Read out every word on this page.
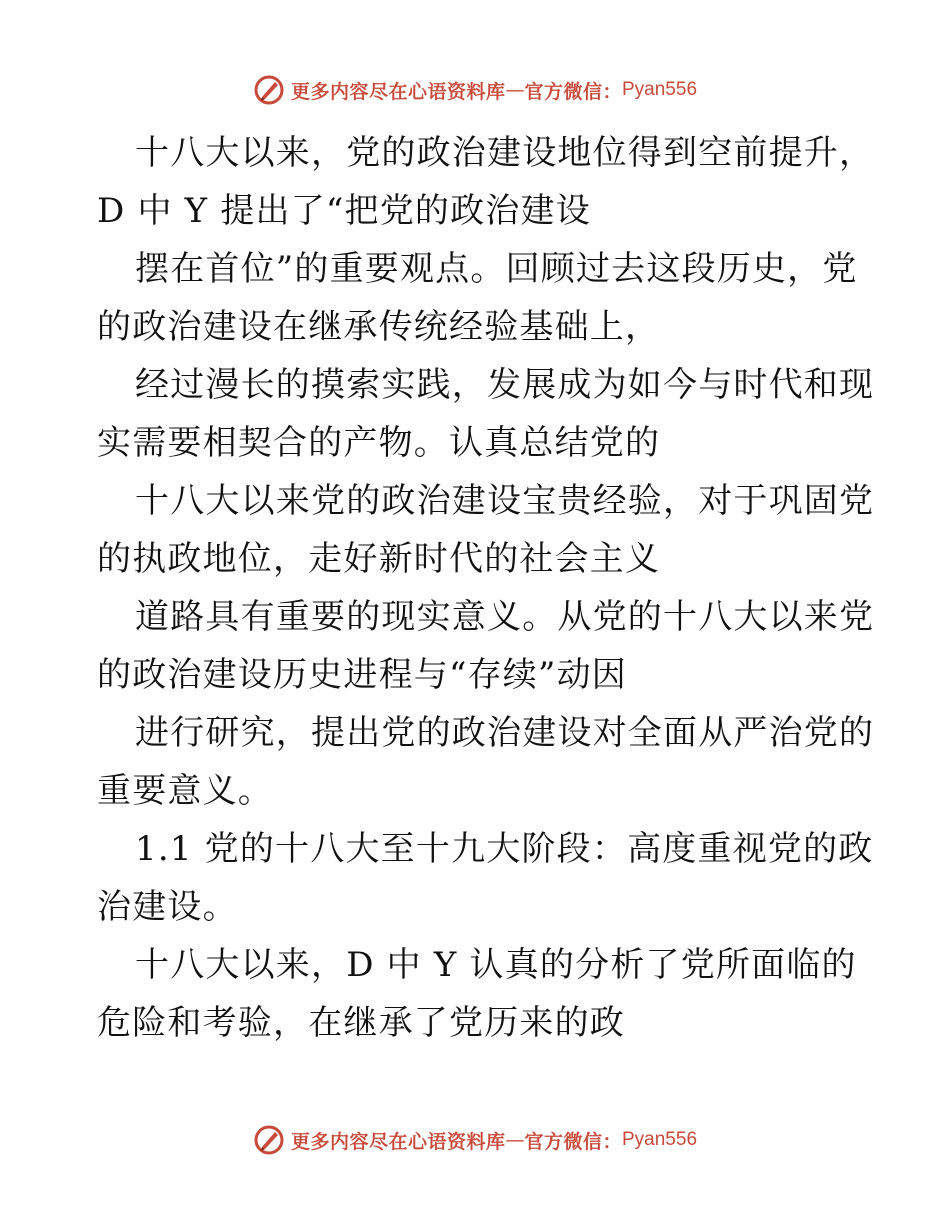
更多内容尽在心语资料库 — 官方微信： Pyan556

十八大以来，党的政治建设地位得到空前提升，
D 中 Y 提出了“把党的政治建设

摆在首位”的重要观点。回顾过去这段历史，党
的政治建设在继承传统经验基础上，

经过漫长的摸索实践，发展成为如今与时代和现
实需要相契合的产物。认真总结党的

十八大以来党的政治建设宝贵经验，对于巩固党
的执政地位，走好新时代的社会主义

道路具有重要的现实意义。从党的十八大以来党
的政治建设历史进程与“存续”动因

进行研究，提出党的政治建设对全面从严治党的
重要意义。

1.1 党的十八大至十九大阶段：高度重视党的政
治建设。

十八大以来，D 中 Y 认真的分析了党所面临的
危险和考验，在继承了党历来的政

更多内容尽在心语资料库 — 官方微信： Pyan556
